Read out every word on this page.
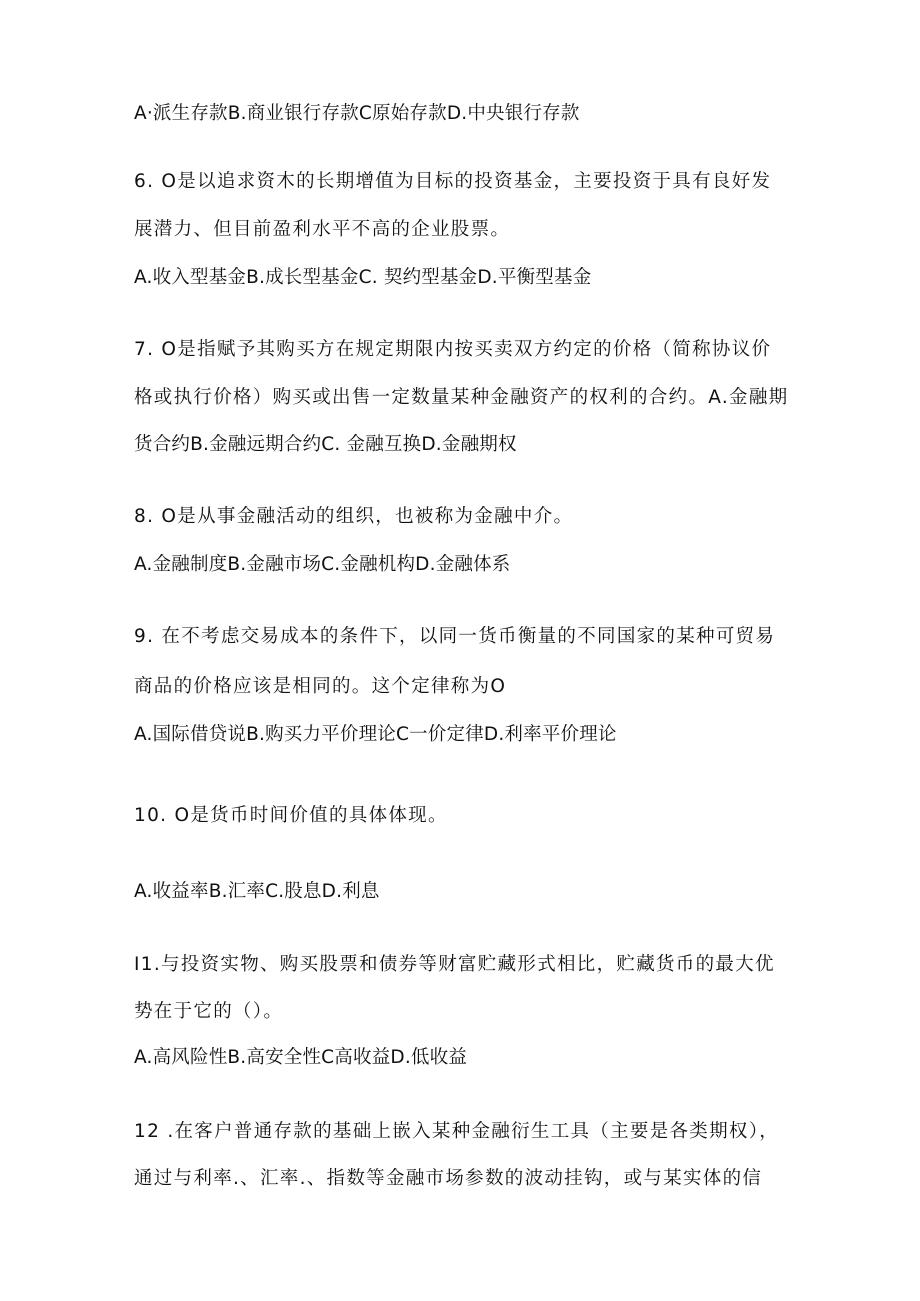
A·派生存款B.商业银行存款C原始存款D.中央银行存款
6. O是以追求资木的长期增值为目标的投资基金，主要投资于具有良好发
展潜力、但目前盈利水平不高的企业股票。
A.收入型基金B.成长型基金C. 契约型基金D.平衡型基金
7. O是指赋予其购买方在规定期限内按买卖双方约定的价格（简称协议价
格或执行价格）购买或出售一定数量某种金融资产的权利的合约。A.金融期
货合约B.金融远期合约C. 金融互换D.金融期权
8. O是从事金融活动的组织，也被称为金融中介。
A.金融制度B.金融市场C.金融机构D.金融体系
9. 在不考虑交易成本的条件下，以同一货币衡量的不同国家的某种可贸易
商品的价格应该是相同的。这个定律称为O
A.国际借贷说B.购买力平价理论C一价定律D.利率平价理论
10. O是货币时间价值的具体体现。
A.收益率B.汇率C.股息D.利息
I1.与投资实物、购买股票和债券等财富贮藏形式相比，贮藏货币的最大优
势在于它的（）。
A.高风险性B.高安全性C高收益D.低收益
12 .在客户普通存款的基础上嵌入某种金融衍生工具（主要是各类期权），
通过与利率.、汇率.、指数等金融市场参数的波动挂钩，或与某实体的信
